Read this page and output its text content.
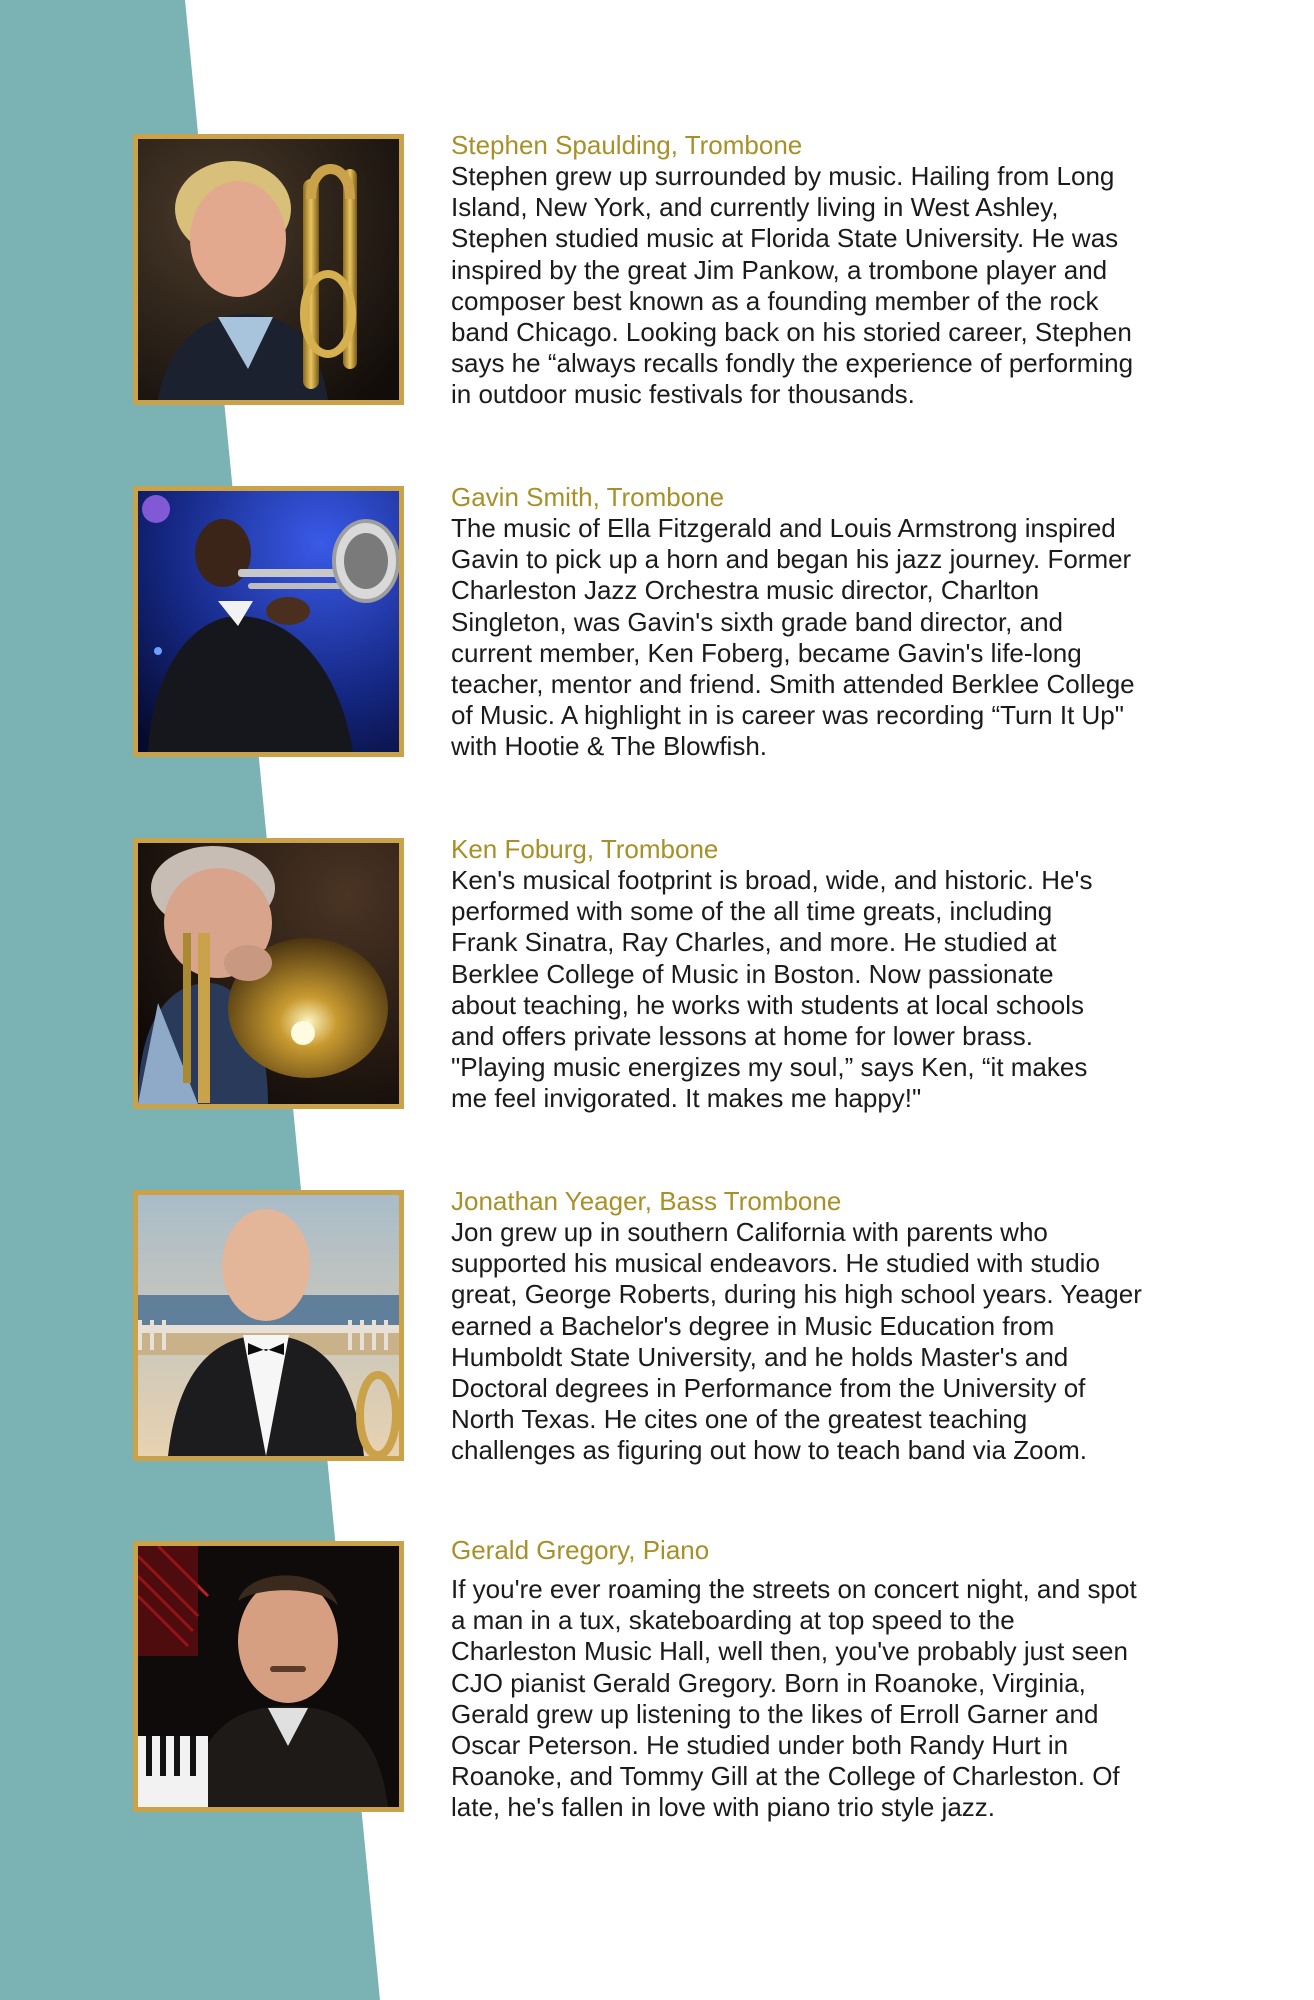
Stephen Spaulding, Trombone

Stephen grew up surrounded by music. Hailing from Long
Island, New York, and currently living in West Ashley,
Stephen studied music at Florida State University. He was
inspired by the great Jim Pankow, a trombone player and
composer best known as a founding member of the rock
band Chicago. Looking back on his storied career, Stephen
says he “always recalls fondly the experience of performing
in outdoor music festivals for thousands.

Gavin Smith, Trombone

The music of Ella Fitzgerald and Louis Armstrong inspired
Gavin to pick up a horn and began his jazz journey. Former
Charleston Jazz Orchestra music director, Charlton
Singleton, was Gavin's sixth grade band director, and
current member, Ken Foberg, became Gavin's life-long
teacher, mentor and friend. Smith attended Berklee College
of Music. A highlight in is career was recording “Turn It Up"
with Hootie & The Blowfish.

Ken Foburg, Trombone

Ken's musical footprint is broad, wide, and historic. He's
performed with some of the all time greats, including
Frank Sinatra, Ray Charles, and more. He studied at
Berklee College of Music in Boston. Now passionate
about teaching, he works with students at local schools
and offers private lessons at home for lower brass.
"Playing music energizes my soul,” says Ken, “it makes
me feel invigorated. It makes me happy!"

Jonathan Yeager, Bass Trombone

Jon grew up in southern California with parents who
supported his musical endeavors. He studied with studio
great, George Roberts, during his high school years. Yeager
earned a Bachelor's degree in Music Education from
Humboldt State University, and he holds Master's and
Doctoral degrees in Performance from the University of
North Texas. He cites one of the greatest teaching
challenges as figuring out how to teach band via Zoom.

Gerald Gregory, Piano

If you're ever roaming the streets on concert night, and spot
a man in a tux, skateboarding at top speed to the
Charleston Music Hall, well then, you've probably just seen
CJO pianist Gerald Gregory. Born in Roanoke, Virginia,
Gerald grew up listening to the likes of Erroll Garner and
Oscar Peterson. He studied under both Randy Hurt in
Roanoke, and Tommy Gill at the College of Charleston. Of
late, he's fallen in love with piano trio style jazz.
